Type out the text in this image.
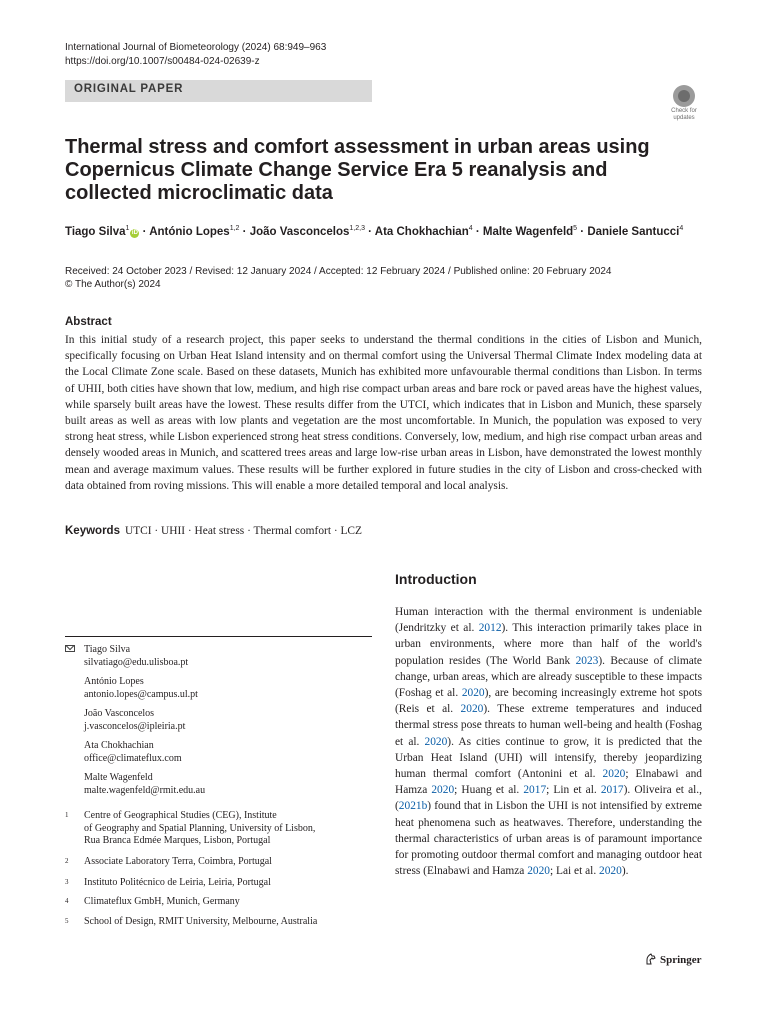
International Journal of Biometeorology (2024) 68:949–963
https://doi.org/10.1007/s00484-024-02639-z
ORIGINAL PAPER
Check for
updates
Thermal stress and comfort assessment in urban areas using Copernicus Climate Change Service Era 5 reanalysis and collected microclimatic data
Tiago Silva$^1$iD · António Lopes$^{1,2}$ · João Vasconcelos$^{1,2,3}$ · Ata Chokhachian$^4$ · Malte Wagenfeld$^5$ · Daniele Santucci$^4$
Received: 24 October 2023 / Revised: 12 January 2024 / Accepted: 12 February 2024 / Published online: 20 February 2024
© The Author(s) 2024
Abstract
In this initial study of a research project, this paper seeks to understand the thermal conditions in the cities of Lisbon and Munich, specifically focusing on Urban Heat Island intensity and on thermal comfort using the Universal Thermal Climate Index modeling data at the Local Climate Zone scale. Based on these datasets, Munich has exhibited more unfavourable thermal conditions than Lisbon. In terms of UHII, both cities have shown that low, medium, and high rise compact urban areas and bare rock or paved areas have the highest values, while sparsely built areas have the lowest. These results differ from the UTCI, which indicates that in Lisbon and Munich, these sparsely built areas as well as areas with low plants and vegetation are the most uncomfortable. In Munich, the population was exposed to very strong heat stress, while Lisbon experienced strong heat stress conditions. Conversely, low, medium, and high rise compact urban areas and densely wooded areas in Munich, and scattered trees areas and large low-rise urban areas in Lisbon, have demonstrated the lowest monthly mean and average maximum values. These results will be further explored in future studies in the city of Lisbon and cross-checked with data obtained from roving missions. This will enable a more detailed temporal and local analysis.
Keywords UTCI · UHII · Heat stress · Thermal comfort · LCZ
Introduction
Human interaction with the thermal environment is undeniable (Jendritzky et al. 2012). This interaction primarily takes place in urban environments, where more than half of the world's population resides (The World Bank 2023). Because of climate change, urban areas, which are already susceptible to these impacts (Foshag et al. 2020), are becoming increasingly extreme hot spots (Reis et al. 2020). These extreme temperatures and induced thermal stress pose threats to human well-being and health (Foshag et al. 2020). As cities continue to grow, it is predicted that the Urban Heat Island (UHI) will intensify, thereby jeopardizing human thermal comfort (Antonini et al. 2020; Elnabawi and Hamza 2020; Huang et al. 2017; Lin et al. 2017). Oliveira et al., (2021b) found that in Lisbon the UHI is not intensified by extreme heat phenomena such as heatwaves. Therefore, understanding the thermal characteristics of urban areas is of paramount importance for promoting outdoor thermal comfort and managing outdoor heat stress (Elnabawi and Hamza 2020; Lai et al. 2020).
Tiago Silva
silvatiago@edu.ulisboa.pt
António Lopes
antonio.lopes@campus.ul.pt
João Vasconcelos
j.vasconcelos@ipleiria.pt
Ata Chokhachian
office@climateflux.com
Malte Wagenfeld
malte.wagenfeld@rmit.edu.au
1 Centre of Geographical Studies (CEG), Institute
of Geography and Spatial Planning, University of Lisbon,
Rua Branca Edmée Marques, Lisbon, Portugal
2 Associate Laboratory Terra, Coimbra, Portugal
3 Instituto Politécnico de Leiria, Leiria, Portugal
4 Climateflux GmbH, Munich, Germany
5 School of Design, RMIT University, Melbourne, Australia
Springer
